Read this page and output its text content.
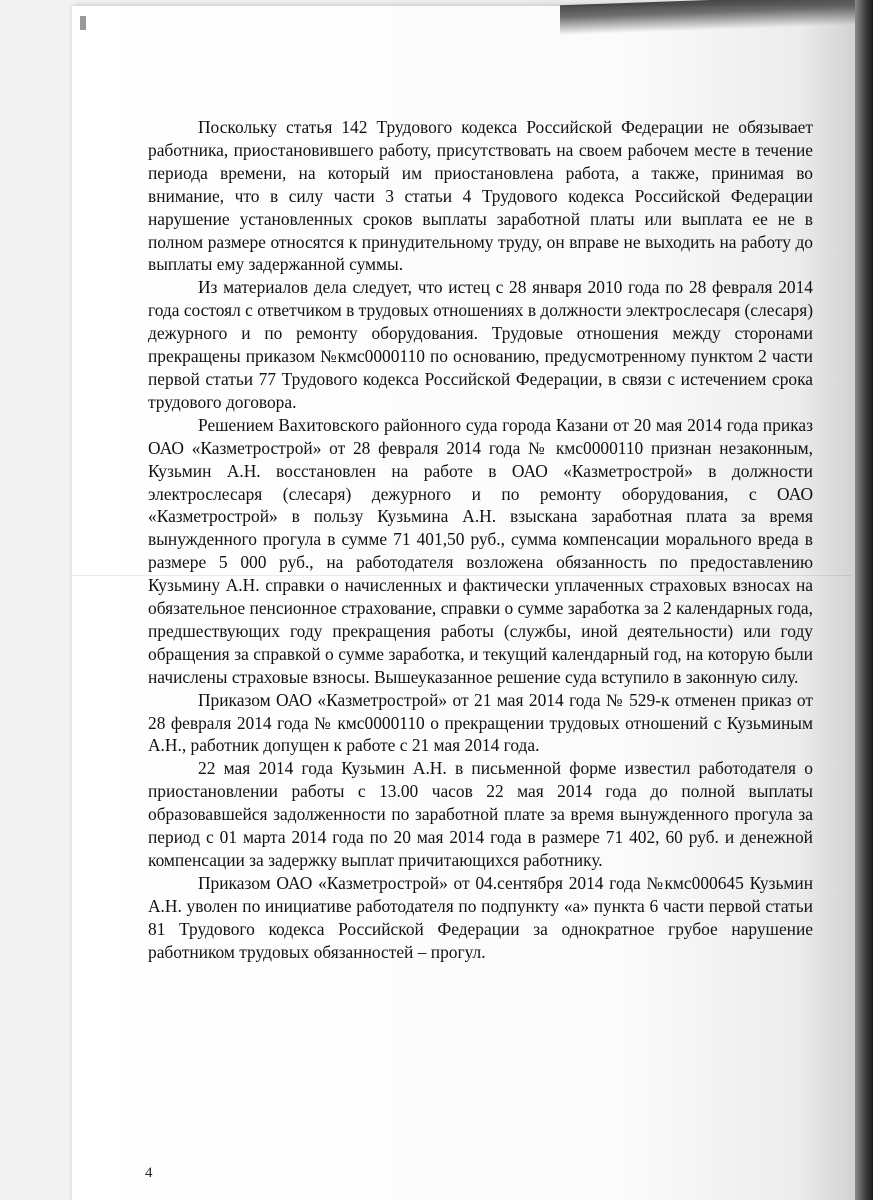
Поскольку статья 142 Трудового кодекса Российской Федерации не обязывает работника, приостановившего работу, присутствовать на своем рабочем месте в течение периода времени, на который им приостановлена работа, а также, принимая во внимание, что в силу части 3 статьи 4 Трудового кодекса Российской Федерации нарушение установленных сроков выплаты заработной платы или выплата ее не в полном размере относятся к принудительному труду, он вправе не выходить на работу до выплаты ему задержанной суммы.

Из материалов дела следует, что истец с 28 января 2010 года по 28 февраля 2014 года состоял с ответчиком в трудовых отношениях в должности электрослесаря (слесаря) дежурного и по ремонту оборудования. Трудовые отношения между сторонами прекращены приказом №кмс0000110 по основанию, предусмотренному пунктом 2 части первой статьи 77 Трудового кодекса Российской Федерации, в связи с истечением срока трудового договора.

Решением Вахитовского районного суда города Казани от 20 мая 2014 года приказ ОАО «Казметрострой» от 28 февраля 2014 года № кмс0000110 признан незаконным, Кузьмин А.Н. восстановлен на работе в ОАО «Казметрострой» в должности электрослесаря (слесаря) дежурного и по ремонту оборудования, с ОАО «Казметрострой» в пользу Кузьмина А.Н. взыскана заработная плата за время вынужденного прогула в сумме 71 401,50 руб., сумма компенсации морального вреда в размере 5 000 руб., на работодателя возложена обязанность по предоставлению Кузьмину А.Н. справки о начисленных и фактически уплаченных страховых взносах на обязательное пенсионное страхование, справки о сумме заработка за 2 календарных года, предшествующих году прекращения работы (службы, иной деятельности) или году обращения за справкой о сумме заработка, и текущий календарный год, на которую были начислены страховые взносы. Вышеуказанное решение суда вступило в законную силу.

Приказом ОАО «Казметрострой» от 21 мая 2014 года № 529-к отменен приказ от 28 февраля 2014 года № кмс0000110 о прекращении трудовых отношений с Кузьминым А.Н., работник допущен к работе с 21 мая 2014 года.

22 мая 2014 года Кузьмин А.Н. в письменной форме известил работодателя о приостановлении работы с 13.00 часов 22 мая 2014 года до полной выплаты образовавшейся задолженности по заработной плате за время вынужденного прогула за период с 01 марта 2014 года по 20 мая 2014 года в размере 71 402, 60 руб. и денежной компенсации за задержку выплат причитающихся работнику.

Приказом ОАО «Казметрострой» от 04.сентября 2014 года №кмс000645 Кузьмин А.Н. уволен по инициативе работодателя по подпункту «а» пункта 6 части первой статьи 81 Трудового кодекса Российской Федерации за однократное грубое нарушение работником трудовых обязанностей – прогул.

4
